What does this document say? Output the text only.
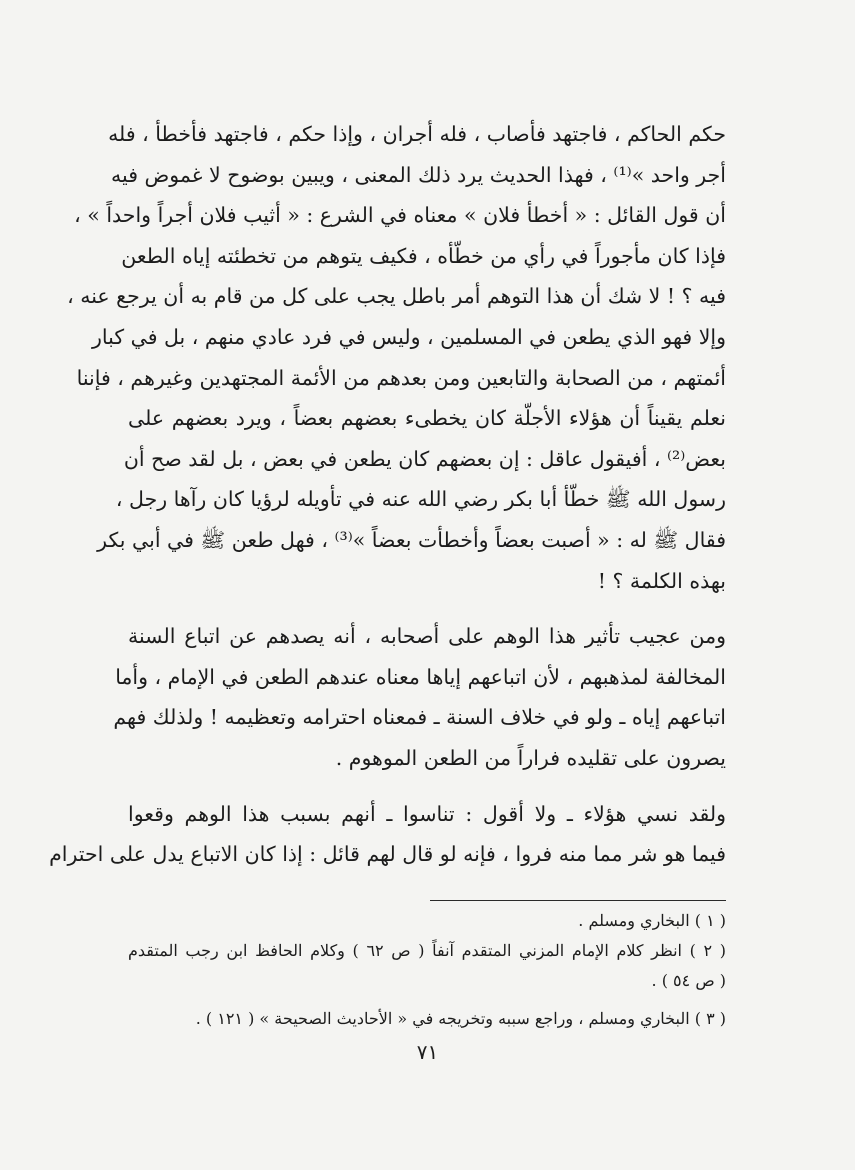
حكم الحاكم ، فاجتهد فأصاب ، فله أجران ، وإذا حكم ، فاجتهد فأخطأ ، فله
أجر واحد »⁽¹⁾ ، فهذا الحديث يرد ذلك المعنى ، ويبين بوضوح لا غموض فيه
أن قول القائل : « أخطأ فلان » معناه في الشرع : « أثيب فلان أجراً واحداً » ،
فإذا كان مأجوراً في رأي من خطّأه ، فكيف يتوهم من تخطئته إياه الطعن
فيه ؟ ! لا شك أن هذا التوهم أمر باطل يجب على كل من قام به أن يرجع عنه ،
وإلا فهو الذي يطعن في المسلمين ، وليس في فرد عادي منهم ، بل في كبار
أئمتهم ، من الصحابة والتابعين ومن بعدهم من الأئمة المجتهدين وغيرهم ، فإننا
نعلم يقيناً أن هؤلاء الأجلّة كان يخطىء بعضهم بعضاً ، ويرد بعضهم على
بعض⁽²⁾ ، أفيقول عاقل : إن بعضهم كان يطعن في بعض ، بل لقد صح أن
رسول الله ﷺ خطّأ أبا بكر رضي الله عنه في تأويله لرؤيا كان رآها رجل ،
فقال ﷺ له : « أصبت بعضاً وأخطأت بعضاً »⁽³⁾ ، فهل طعن ﷺ في أبي بكر
بهذه الكلمة ؟ !
ومن عجيب تأثير هذا الوهم على أصحابه ، أنه يصدهم عن اتباع السنة
المخالفة لمذهبهم ، لأن اتباعهم إياها معناه عندهم الطعن في الإمام ، وأما
اتباعهم إياه ـ ولو في خلاف السنة ـ فمعناه احترامه وتعظيمه ! ولذلك فهم
يصرون على تقليده فراراً من الطعن الموهوم .
ولقد نسي هؤلاء ـ ولا أقول : تناسوا ـ أنهم بسبب هذا الوهم وقعوا
فيما هو شر مما منه فروا ، فإنه لو قال لهم قائل : إذا كان الاتباع يدل على احترام
( ١ ) البخاري ومسلم .
( ٢ ) انظر كلام الإمام المزني المتقدم آنفاً ( ص ٦٢ ) وكلام الحافظ ابن رجب المتقدم
( ص ٥٤ ) .
( ٣ ) البخاري ومسلم ، وراجع سببه وتخريجه في « الأحاديث الصحيحة » ( ١٢١ ) .
٧١
